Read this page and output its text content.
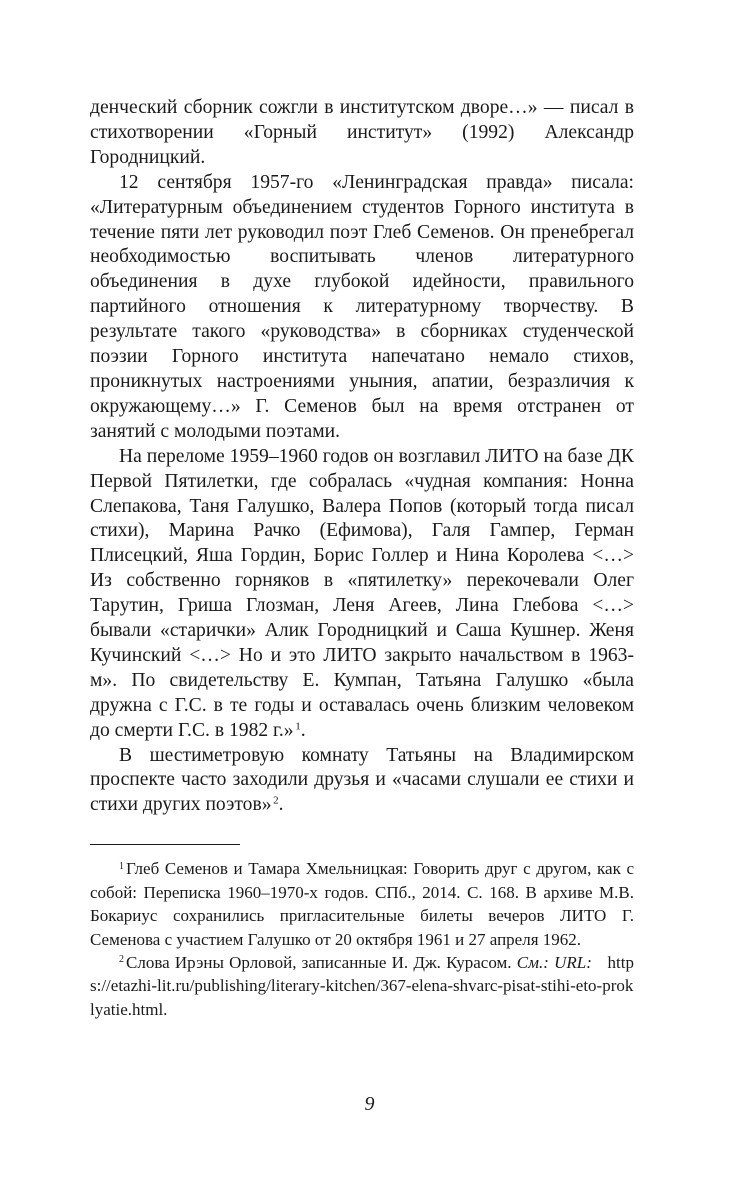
денческий сборник сожгли в институтском дворе…» — писал в стихотворении «Горный институт» (1992) Александр Городницкий.

12 сентября 1957-го «Ленинградская правда» писала: «Литературным объединением студентов Горного института в течение пяти лет руководил поэт Глеб Семенов. Он пренебрегал необходимостью воспитывать членов литературного объединения в духе глубокой идейности, правильного партийного отношения к литературному творчеству. В результате такого «руководства» в сборниках студенческой поэзии Горного института напечатано немало стихов, проникнутых настроениями уныния, апатии, безразличия к окружающему…» Г. Семенов был на время отстранен от занятий с молодыми поэтами.

На переломе 1959–1960 годов он возглавил ЛИТО на базе ДК Первой Пятилетки, где собралась «чудная компания: Нонна Слепакова, Таня Галушко, Валера Попов (который тогда писал стихи), Марина Рачко (Ефимова), Галя Гампер, Герман Плисецкий, Яша Гордин, Борис Голлер и Нина Королева <…> Из собственно горняков в «пятилетку» перекочевали Олег Тарутин, Гриша Глозман, Леня Агеев, Лина Глебова <…> бывали «старички» Алик Городницкий и Саша Кушнер. Женя Кучинский <…> Но и это ЛИТО закрыто начальством в 1963-м». По свидетельству Е. Кумпан, Татьяна Галушко «была дружна с Г.С. в те годы и оставалась очень близким человеком до смерти Г.С. в 1982 г.»  $^1$.

В шестиметровую комнату Татьяны на Владимирском проспекте часто заходили друзья и «часами слушали ее стихи и стихи других поэтов»  $^2$.

$^1$ Глеб Семенов и Тамара Хмельницкая: Говорить друг с другом, как с собой: Переписка 1960–1970-х годов. СПб., 2014. С. 168. В архиве М.В. Бокариус сохранились пригласительные билеты вечеров ЛИТО Г. Семенова с участием Галушко от 20 октября 1961 и 27 апреля 1962.

$^2$ Слова Ирэны Орловой, записанные И. Дж. Курасом. См.: URL: https://etazhi-lit.ru/publishing/literary-kitchen/367-elena-shvarc-pisat-stihi-eto-proklyatie.html.

9
